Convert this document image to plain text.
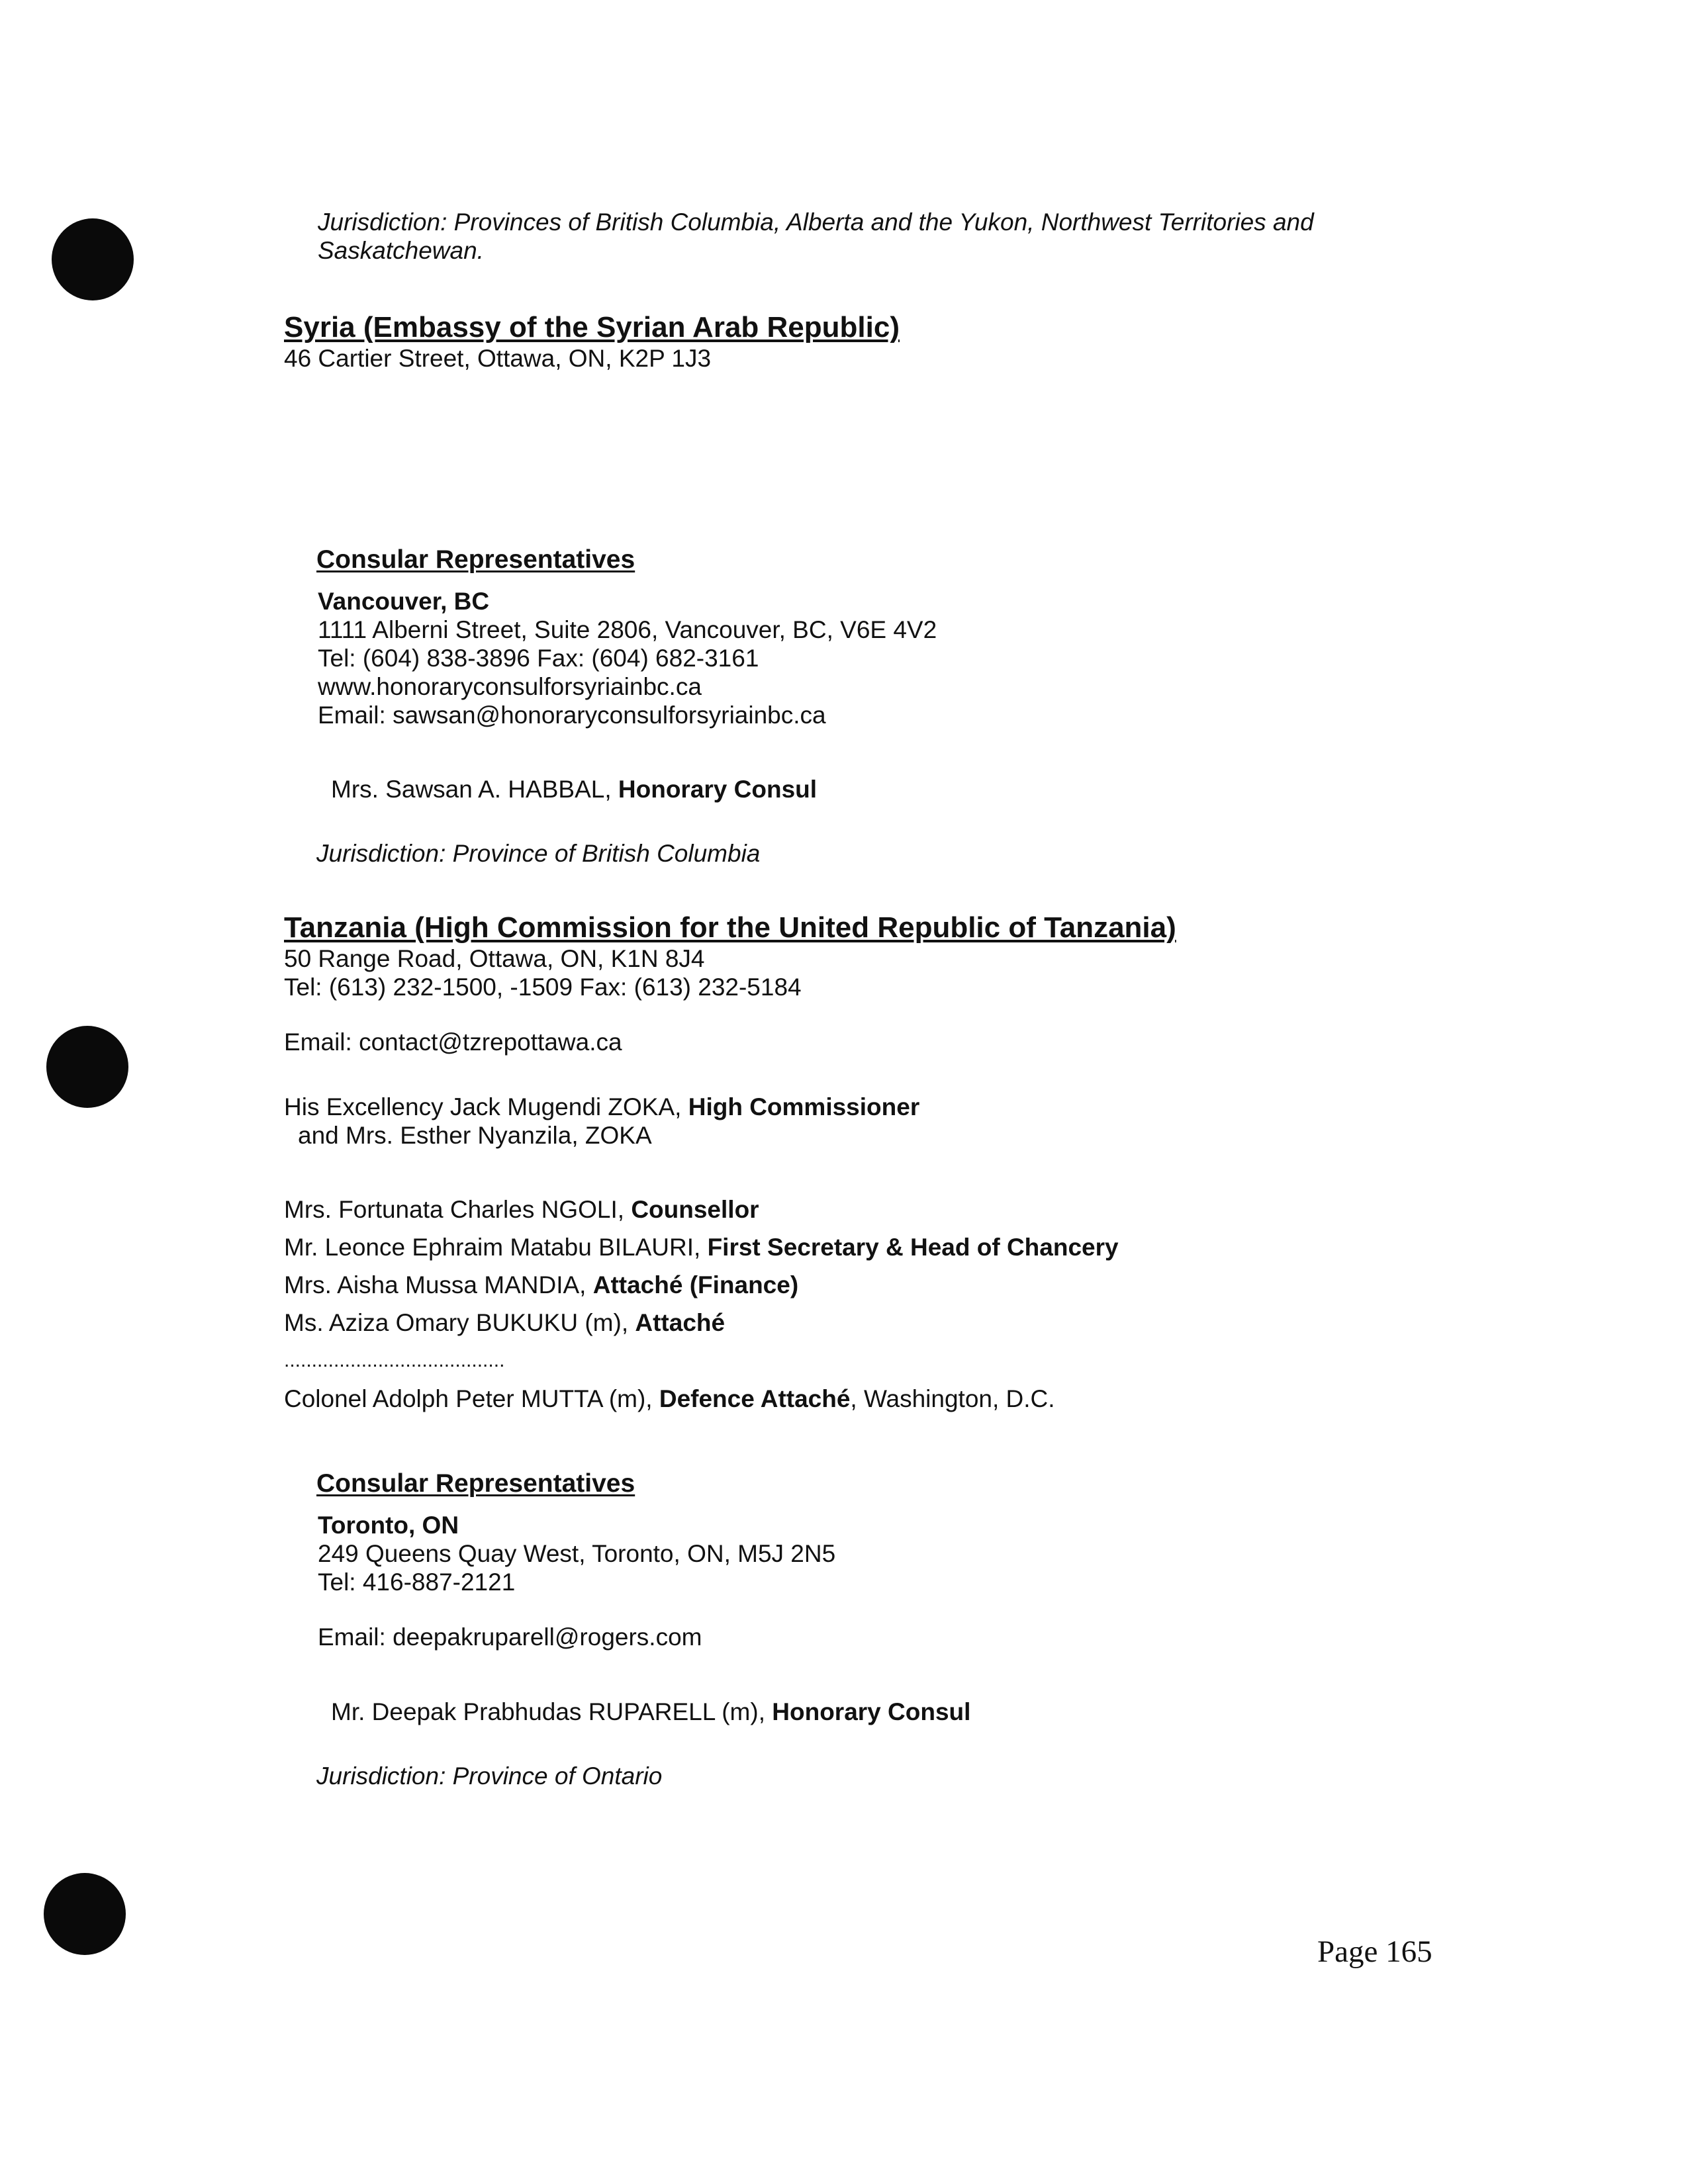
Jurisdiction: Provinces of British Columbia, Alberta and the Yukon, Northwest Territories and
Saskatchewan.
Syria (Embassy of the Syrian Arab Republic)
46 Cartier Street, Ottawa, ON, K2P 1J3
Consular Representatives
Vancouver, BC
1111 Alberni Street, Suite 2806, Vancouver, BC, V6E 4V2
Tel: (604) 838-3896 Fax: (604) 682-3161
www.honoraryconsulforsyriainbc.ca
Email: sawsan@honoraryconsulforsyriainbc.ca
Mrs. Sawsan A. HABBAL, Honorary Consul
Jurisdiction: Province of British Columbia
Tanzania (High Commission for the United Republic of Tanzania)
50 Range Road, Ottawa, ON, K1N 8J4
Tel: (613) 232-1500, -1509 Fax: (613) 232-5184
Email: contact@tzrepottawa.ca
His Excellency Jack Mugendi ZOKA, High Commissioner
and Mrs. Esther Nyanzila, ZOKA
Mrs. Fortunata Charles NGOLI, Counsellor
Mr. Leonce Ephraim Matabu BILAURI, First Secretary & Head of Chancery
Mrs. Aisha Mussa MANDIA, Attaché (Finance)
Ms. Aziza Omary BUKUKU (m), Attaché
........................................
Colonel Adolph Peter MUTTA (m), Defence Attaché, Washington, D.C.
Consular Representatives
Toronto, ON
249 Queens Quay West, Toronto, ON, M5J 2N5
Tel: 416-887-2121
Email: deepakruparell@rogers.com
Mr. Deepak Prabhudas RUPARELL (m), Honorary Consul
Jurisdiction: Province of Ontario
Page 165
